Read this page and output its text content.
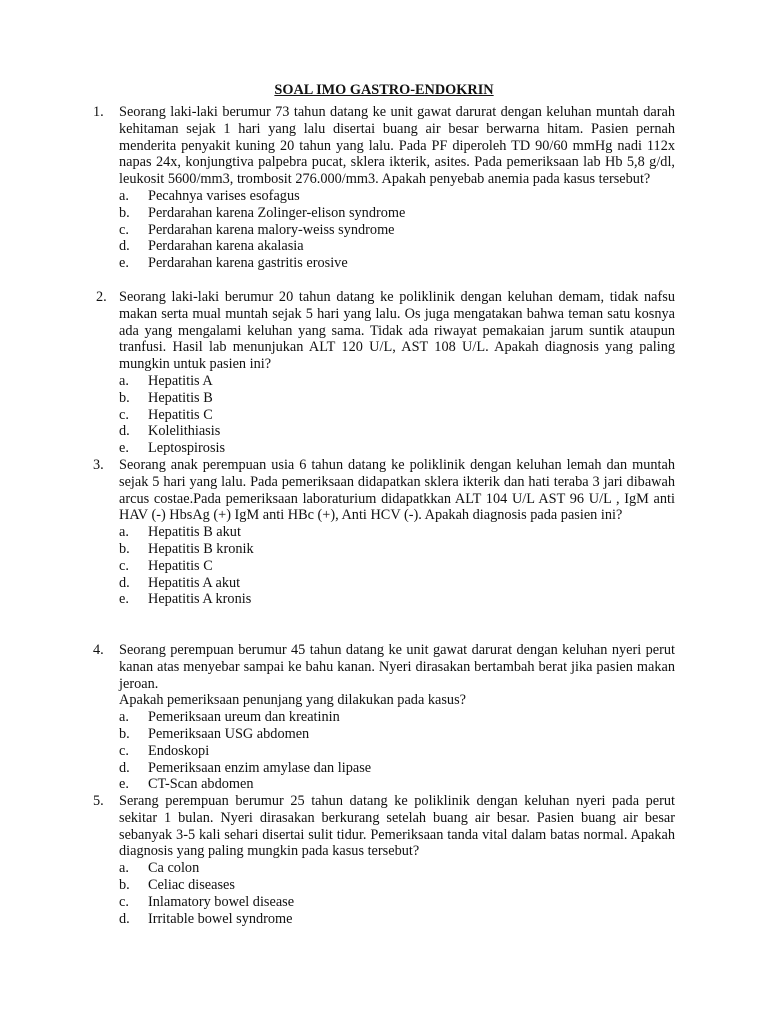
SOAL IMO GASTRO-ENDOKRIN
1. Seorang laki-laki berumur 73 tahun datang ke unit gawat darurat dengan keluhan muntah darah kehitaman sejak 1 hari yang lalu disertai buang air besar berwarna hitam. Pasien pernah menderita penyakit kuning 20 tahun yang lalu. Pada PF diperoleh TD 90/60 mmHg nadi 112x napas 24x, konjungtiva palpebra pucat, sklera ikterik, asites. Pada pemeriksaan lab Hb 5,8 g/dl, leukosit 5600/mm3, trombosit 276.000/mm3. Apakah penyebab anemia pada kasus tersebut?
a.	Pecahnya varises esofagus
b.	Perdarahan karena Zolinger-elison syndrome
c.	Perdarahan karena malory-weiss syndrome
d.	Perdarahan karena akalasia
e.	Perdarahan karena gastritis erosive
2. Seorang laki-laki berumur 20 tahun datang ke poliklinik dengan keluhan demam, tidak nafsu makan serta mual muntah sejak 5 hari yang lalu. Os juga mengatakan bahwa teman satu kosnya ada yang mengalami keluhan yang sama. Tidak ada riwayat pemakaian jarum suntik ataupun tranfusi. Hasil lab menunjukan ALT 120 U/L, AST 108 U/L. Apakah diagnosis yang paling mungkin untuk pasien ini?
a.	Hepatitis A
b.	Hepatitis B
c.	Hepatitis C
d.	Kolelithiasis
e.	Leptospirosis
3. Seorang anak perempuan usia 6 tahun datang ke poliklinik dengan keluhan lemah dan muntah sejak 5 hari yang lalu. Pada pemeriksaan didapatkan sklera ikterik dan hati teraba 3 jari dibawah arcus costae.Pada pemeriksaan laboraturium didapatkkan ALT 104 U/L AST 96 U/L , IgM anti HAV (-) HbsAg (+) IgM anti HBc (+), Anti HCV (-). Apakah diagnosis pada pasien ini?
a.	Hepatitis B akut
b.	Hepatitis B kronik
c.	Hepatitis C
d.	Hepatitis A akut
e.	Hepatitis A kronis
4. Seorang perempuan berumur 45 tahun datang ke unit gawat darurat dengan keluhan nyeri perut kanan atas menyebar sampai ke bahu kanan. Nyeri dirasakan bertambah berat jika pasien makan jeroan.
Apakah pemeriksaan penunjang yang dilakukan pada kasus?
a.	Pemeriksaan ureum dan kreatinin
b.	Pemeriksaan USG abdomen
c.	Endoskopi
d.	Pemeriksaan enzim amylase dan lipase
e.	CT-Scan abdomen
5. Serang perempuan berumur 25 tahun datang ke poliklinik dengan keluhan nyeri pada perut sekitar 1 bulan. Nyeri dirasakan berkurang setelah buang air besar. Pasien buang air besar sebanyak 3-5 kali sehari disertai sulit tidur. Pemeriksaan tanda vital dalam batas normal. Apakah diagnosis yang paling mungkin pada kasus tersebut?
a.	Ca colon
b.	Celiac diseases
c.	Inlamatory bowel disease
d.	Irritable bowel syndrome
